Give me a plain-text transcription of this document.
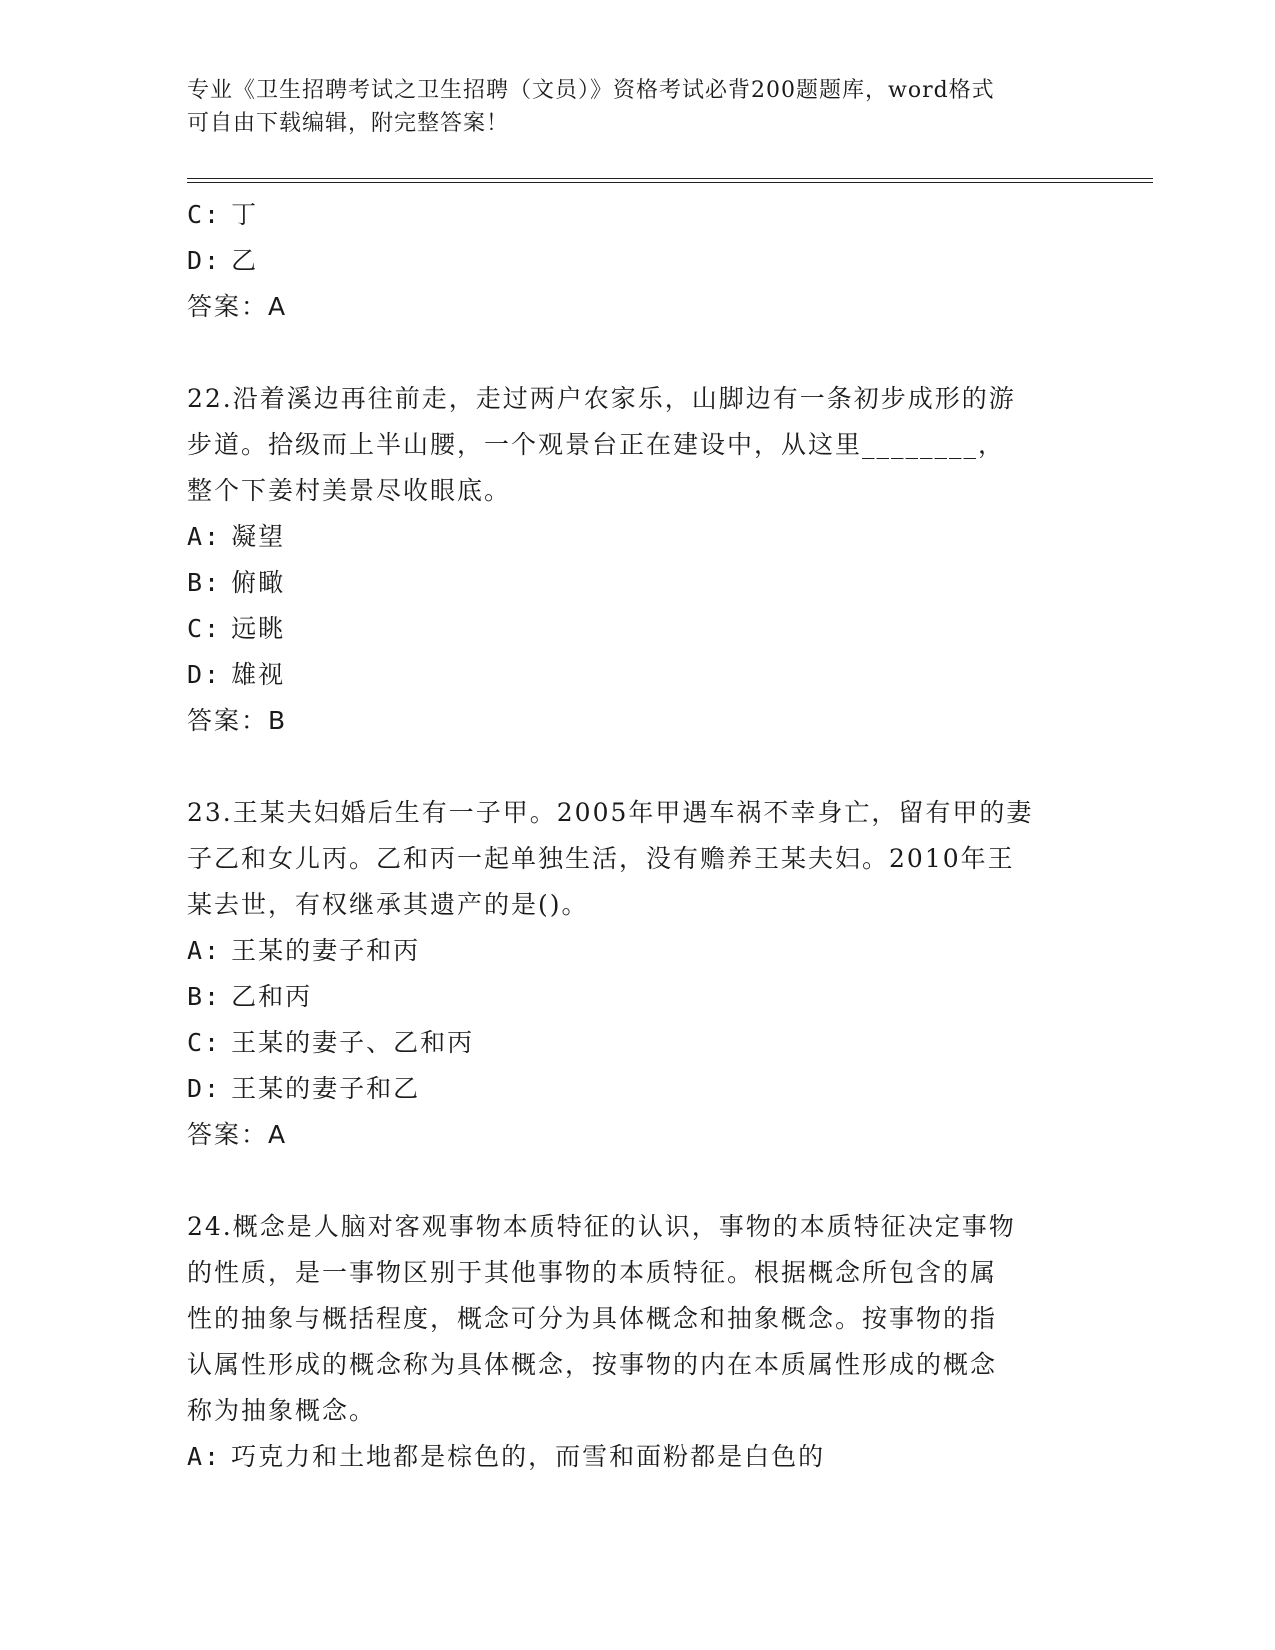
专业《卫生招聘考试之卫生招聘（文员）》资格考试必背200题题库，word格式
可自由下载编辑，附完整答案！
C: 丁
D: 乙
答案：A
22.沿着溪边再往前走，走过两户农家乐，山脚边有一条初步成形的游
步道。拾级而上半山腰，一个观景台正在建设中，从这里________，
整个下姜村美景尽收眼底。
A: 凝望
B: 俯瞰
C: 远眺
D: 雄视
答案：B
23.王某夫妇婚后生有一子甲。2005年甲遇车祸不幸身亡，留有甲的妻
子乙和女儿丙。乙和丙一起单独生活，没有赡养王某夫妇。2010年王
某去世，有权继承其遗产的是()。
A: 王某的妻子和丙
B: 乙和丙
C: 王某的妻子、乙和丙
D: 王某的妻子和乙
答案：A
24.概念是人脑对客观事物本质特征的认识，事物的本质特征决定事物
的性质，是一事物区别于其他事物的本质特征。根据概念所包含的属
性的抽象与概括程度，概念可分为具体概念和抽象概念。按事物的指
认属性形成的概念称为具体概念，按事物的内在本质属性形成的概念
称为抽象概念。
A: 巧克力和土地都是棕色的，而雪和面粉都是白色的
